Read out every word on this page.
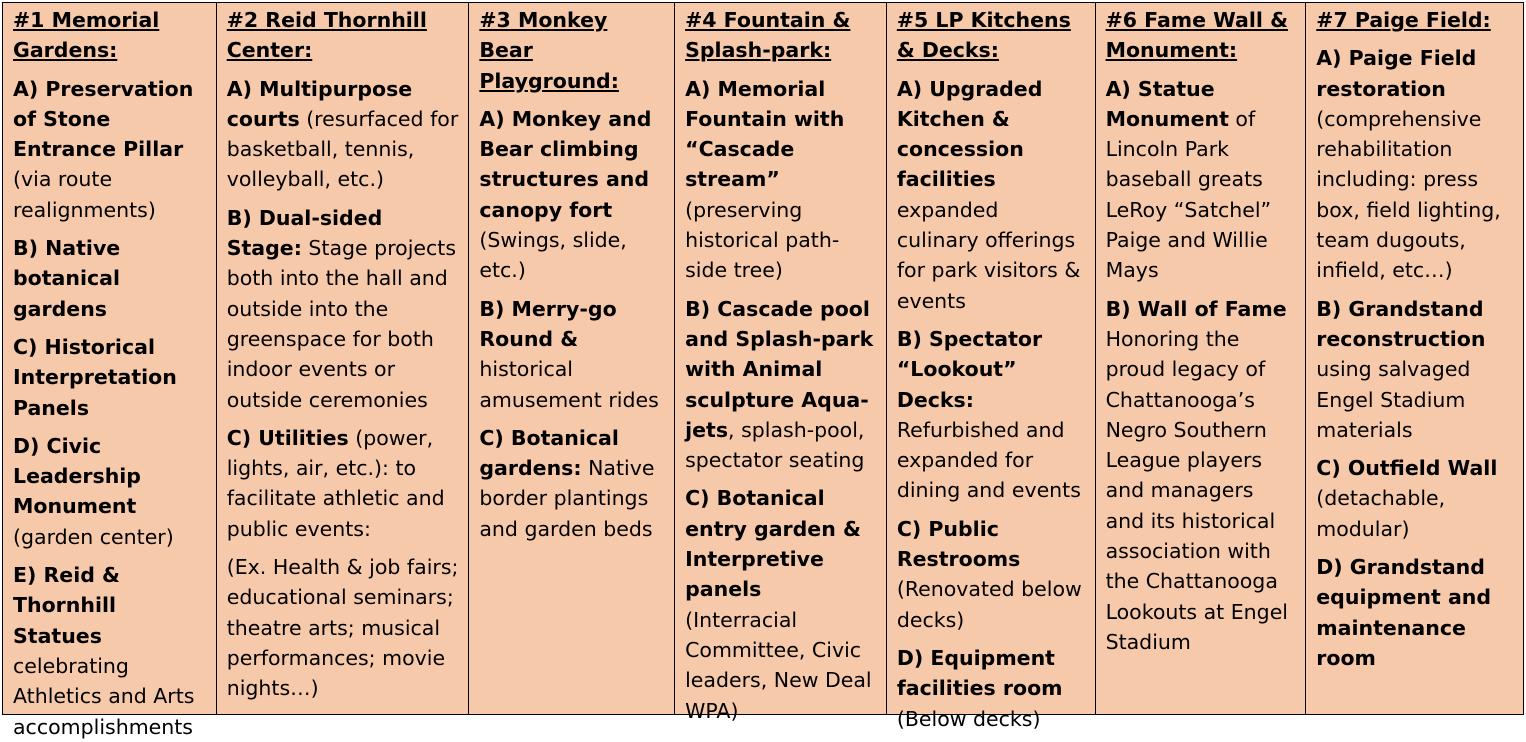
#1 Memorial Gardens:
A) Preservation of Stone Entrance Pillar (via route realignments)
B) Native botanical gardens
C) Historical Interpretation Panels
D) Civic Leadership Monument (garden center)
E) Reid & Thornhill Statues celebrating Athletics and Arts accomplishments
#2 Reid Thornhill Center:
A) Multipurpose courts (resurfaced for basketball, tennis, volleyball, etc.)
B) Dual-sided Stage: Stage projects both into the hall and outside into the greenspace for both indoor events or outside ceremonies
C) Utilities (power, lights, air, etc.): to facilitate athletic and public events:
(Ex. Health & job fairs; educational seminars; theatre arts; musical performances; movie nights…)
#3 Monkey Bear Playground:
A) Monkey and Bear climbing structures and canopy fort (Swings, slide, etc.)
B) Merry-go Round & historical amusement rides
C) Botanical gardens: Native border plantings and garden beds
#4 Fountain & Splash-park:
A) Memorial Fountain with “Cascade stream” (preserving historical path-side tree)
B) Cascade pool and Splash-park with Animal sculpture Aqua-jets, splash-pool, spectator seating
C) Botanical entry garden & Interpretive panels (Interracial Committee, Civic leaders, New Deal WPA)
#5 LP Kitchens & Decks:
A) Upgraded Kitchen & concession facilities expanded culinary offerings for park visitors & events
B) Spectator “Lookout” Decks: Refurbished and expanded for dining and events
C) Public Restrooms (Renovated below decks)
D) Equipment facilities room (Below decks)
#6 Fame Wall & Monument:
A) Statue Monument of Lincoln Park baseball greats LeRoy “Satchel” Paige and Willie Mays
B) Wall of Fame Honoring the proud legacy of Chattanooga’s Negro Southern League players and managers and its historical association with the Chattanooga Lookouts at Engel Stadium
#7 Paige Field:
A) Paige Field restoration (comprehensive rehabilitation including: press box, field lighting, team dugouts, infield, etc…)
B) Grandstand reconstruction using salvaged Engel Stadium materials
C) Outfield Wall (detachable, modular)
D) Grandstand equipment and maintenance room
